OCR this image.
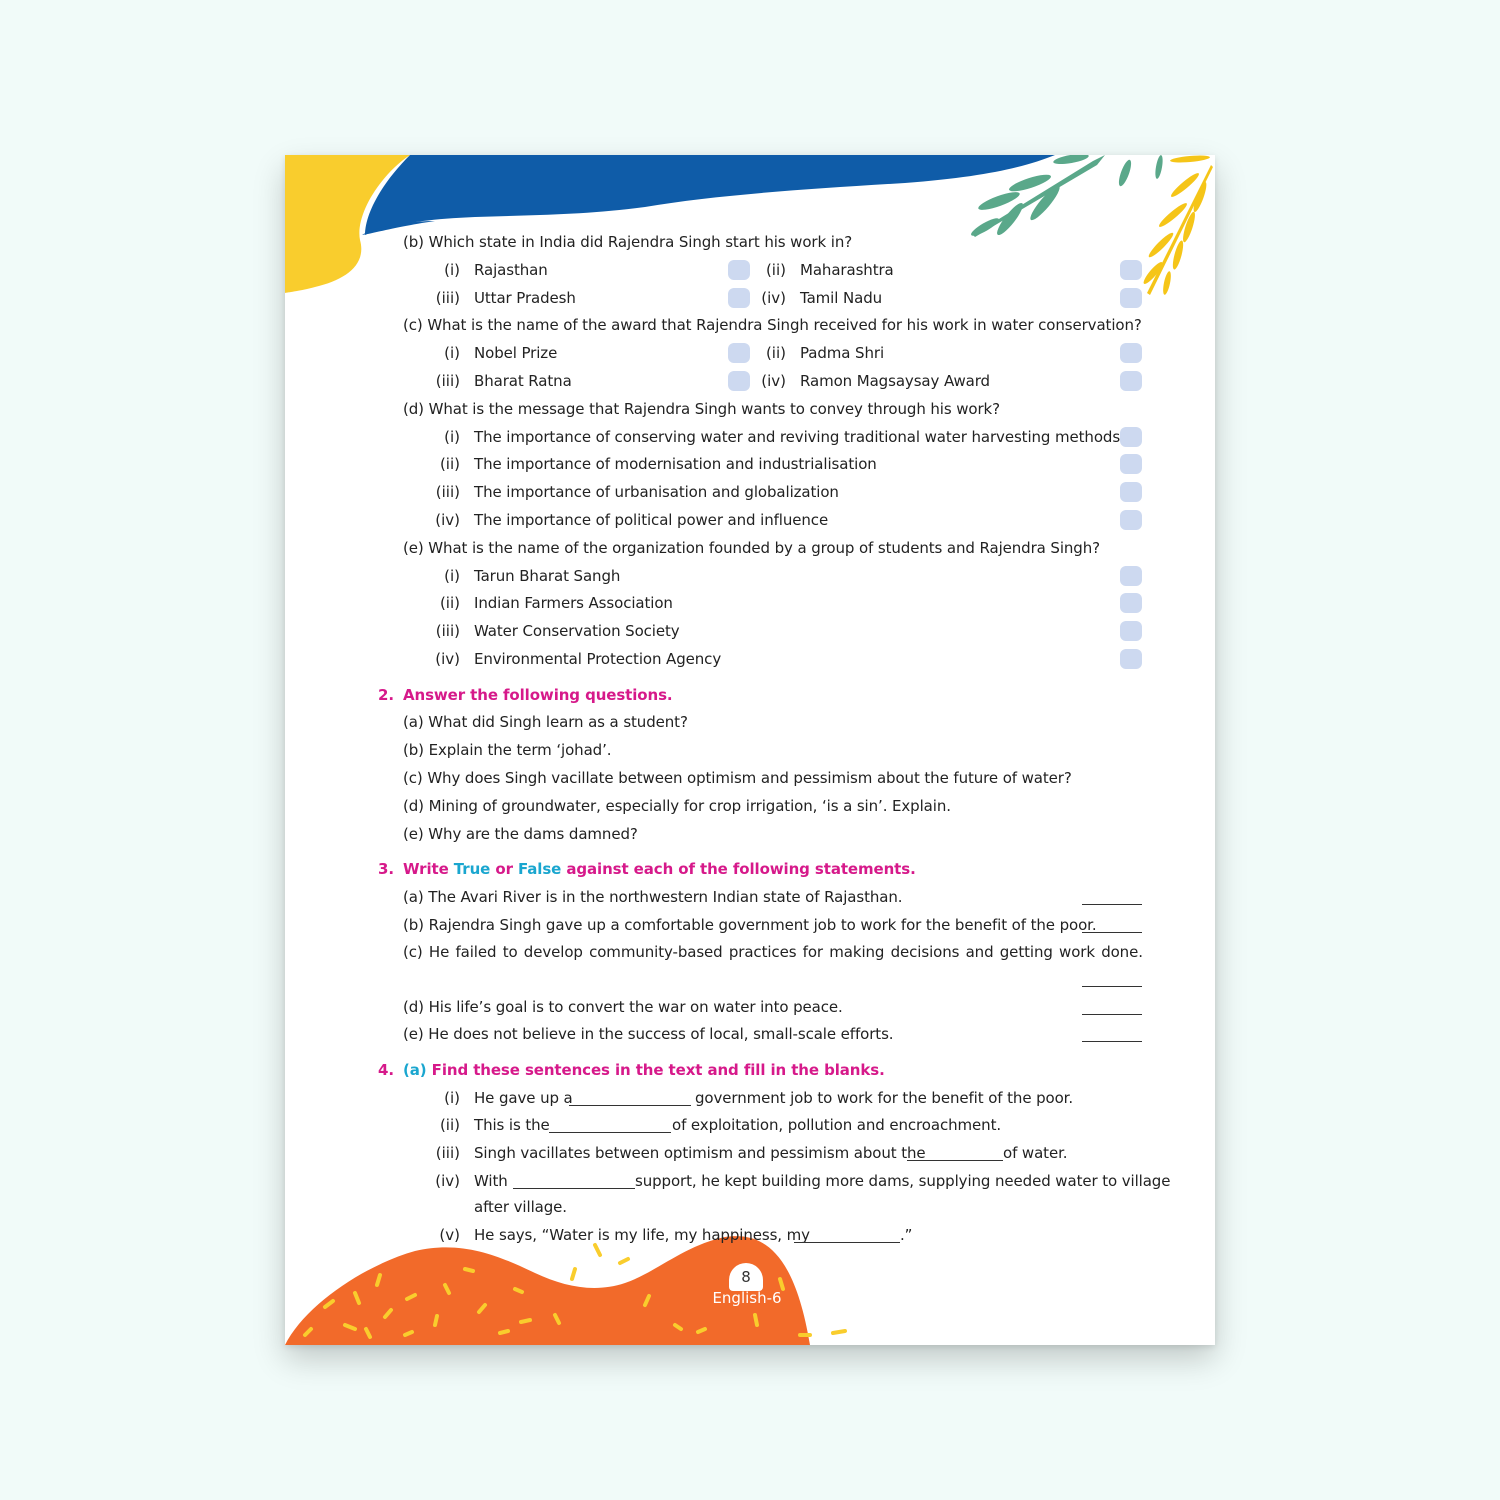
8
English-6
(b) Which state in India did Rajendra Singh start his work in?
(i) Rajasthan	(ii) Maharashtra
(iii) Uttar Pradesh	(iv) Tamil Nadu
(c) What is the name of the award that Rajendra Singh received for his work in water conservation?
(i) Nobel Prize	(ii) Padma Shri
(iii) Bharat Ratna	(iv) Ramon Magsaysay Award
(d) What is the message that Rajendra Singh wants to convey through his work?
(i) The importance of conserving water and reviving traditional water harvesting methods
(ii) The importance of modernisation and industrialisation
(iii) The importance of urbanisation and globalization
(iv) The importance of political power and influence
(e) What is the name of the organization founded by a group of students and Rajendra Singh?
(i) Tarun Bharat Sangh
(ii) Indian Farmers Association
(iii) Water Conservation Society
(iv) Environmental Protection Agency
2. Answer the following questions.
(a) What did Singh learn as a student?
(b) Explain the term ‘johad’.
(c) Why does Singh vacillate between optimism and pessimism about the future of water?
(d) Mining of groundwater, especially for crop irrigation, ‘is a sin’. Explain.
(e) Why are the dams damned?
3. Write True or False against each of the following statements.
(a) The Avari River is in the northwestern Indian state of Rajasthan.
(b) Rajendra Singh gave up a comfortable government job to work for the benefit of the poor.
(c) He failed to develop community-based practices for making decisions and getting work done.
(d) His life’s goal is to convert the war on water into peace.
(e) He does not believe in the success of local, small-scale efforts.
4. (a) Find these sentences in the text and fill in the blanks.
(i) He gave up a	government job to work for the benefit of the poor.
(ii) This is the	of exploitation, pollution and encroachment.
(iii) Singh vacillates between optimism and pessimism about the	of water.
(iv) With	support, he kept building more dams, supplying needed water to village
after village.
(v) He says, “Water is my life, my happiness, my	.”
